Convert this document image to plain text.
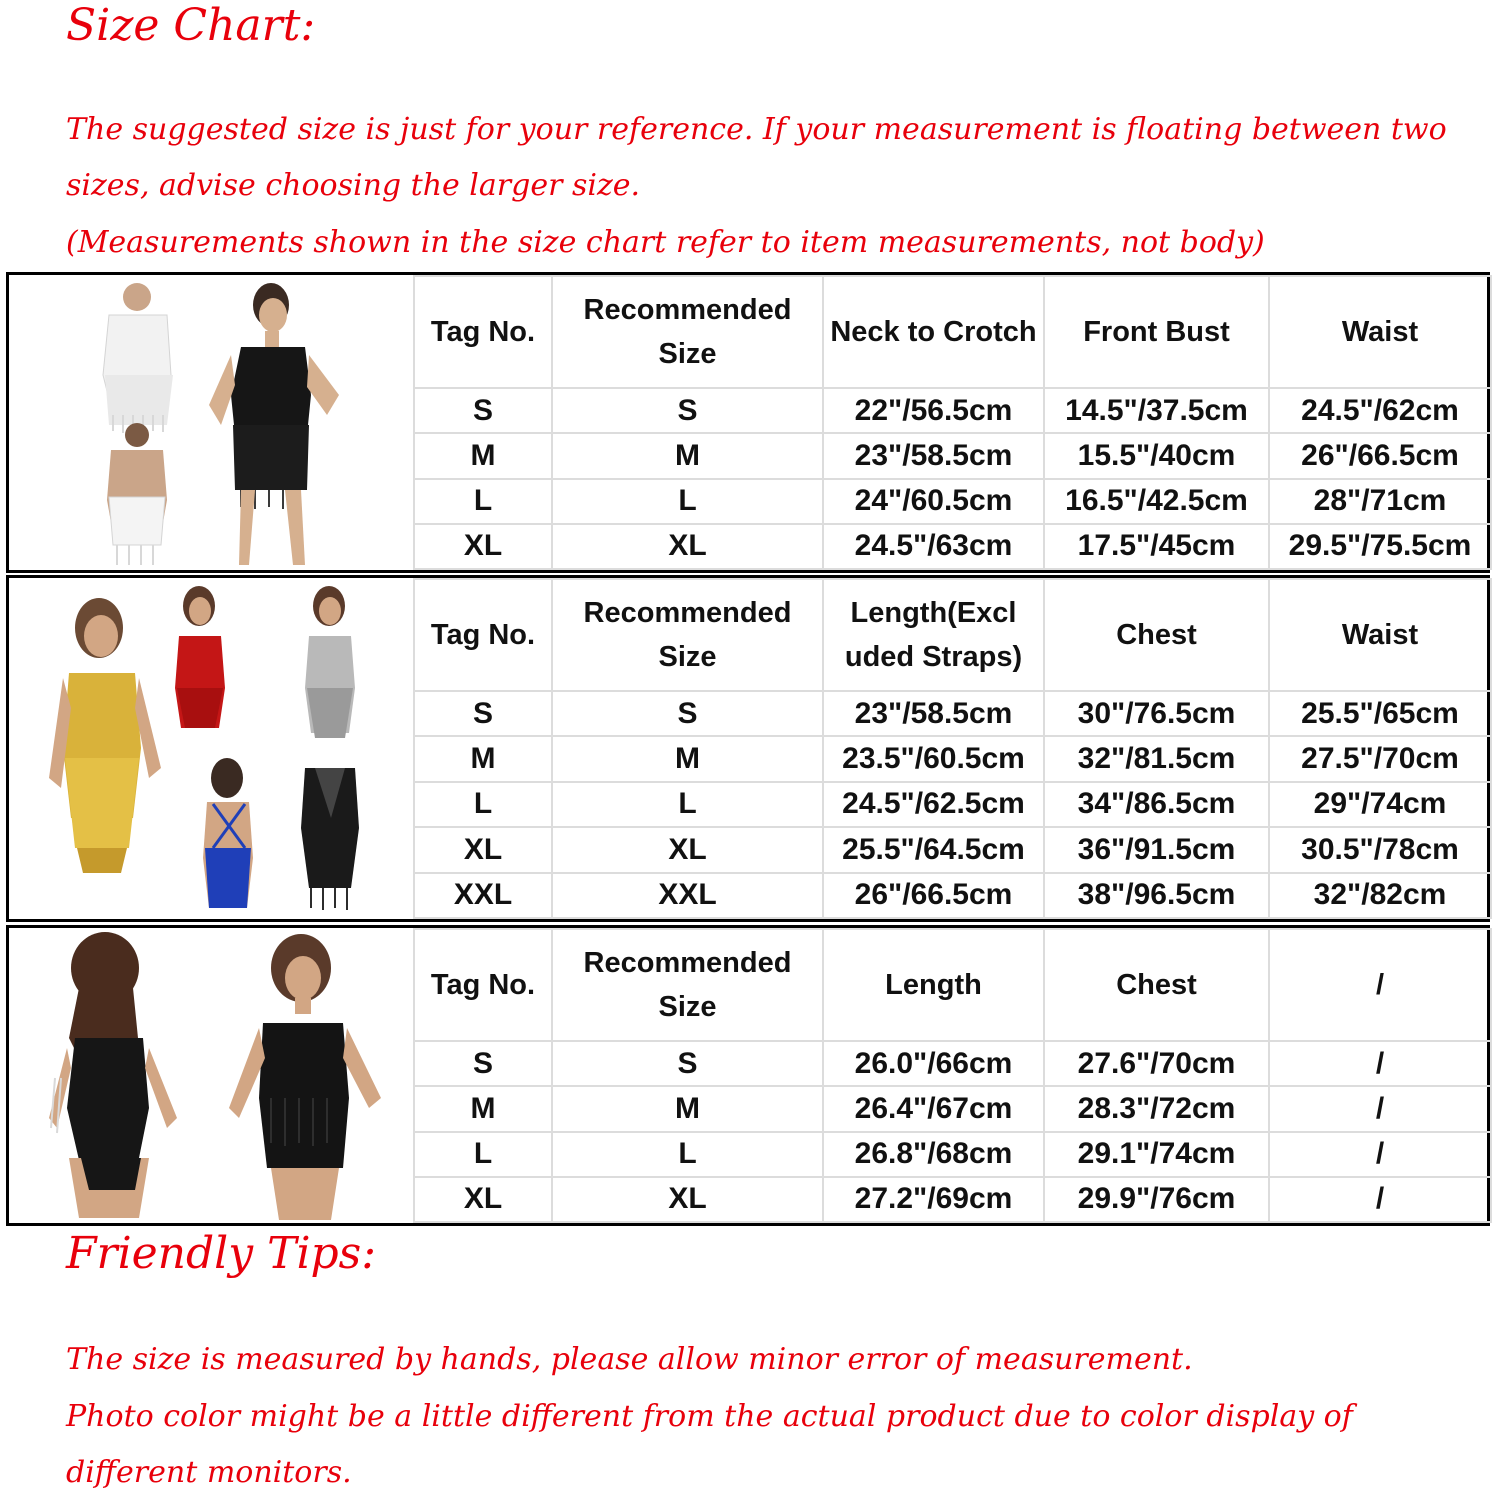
Size Chart:
The suggested size is just for your reference. If your measurement is floating between two
sizes, advise choosing the larger size.
(Measurements shown in the size chart refer to item measurements, not body)
Tag No.	Recommended Size	Neck to Crotch	Front Bust	Waist
S	S	22"/56.5cm	14.5"/37.5cm	24.5"/62cm
M	M	23"/58.5cm	15.5"/40cm	26"/66.5cm
L	L	24"/60.5cm	16.5"/42.5cm	28"/71cm
XL	XL	24.5"/63cm	17.5"/45cm	29.5"/75.5cm
Tag No.	Recommended Size	Length(Excl uded Straps)	Chest	Waist
S	S	23"/58.5cm	30"/76.5cm	25.5"/65cm
M	M	23.5"/60.5cm	32"/81.5cm	27.5"/70cm
L	L	24.5"/62.5cm	34"/86.5cm	29"/74cm
XL	XL	25.5"/64.5cm	36"/91.5cm	30.5"/78cm
XXL	XXL	26"/66.5cm	38"/96.5cm	32"/82cm
Tag No.	Recommended Size	Length	Chest	/
S	S	26.0"/66cm	27.6"/70cm	/
M	M	26.4"/67cm	28.3"/72cm	/
L	L	26.8"/68cm	29.1"/74cm	/
XL	XL	27.2"/69cm	29.9"/76cm	/
Friendly Tips:
The size is measured by hands, please allow minor error of measurement.
Photo color might be a little different from the actual product due to color display of
different monitors.
